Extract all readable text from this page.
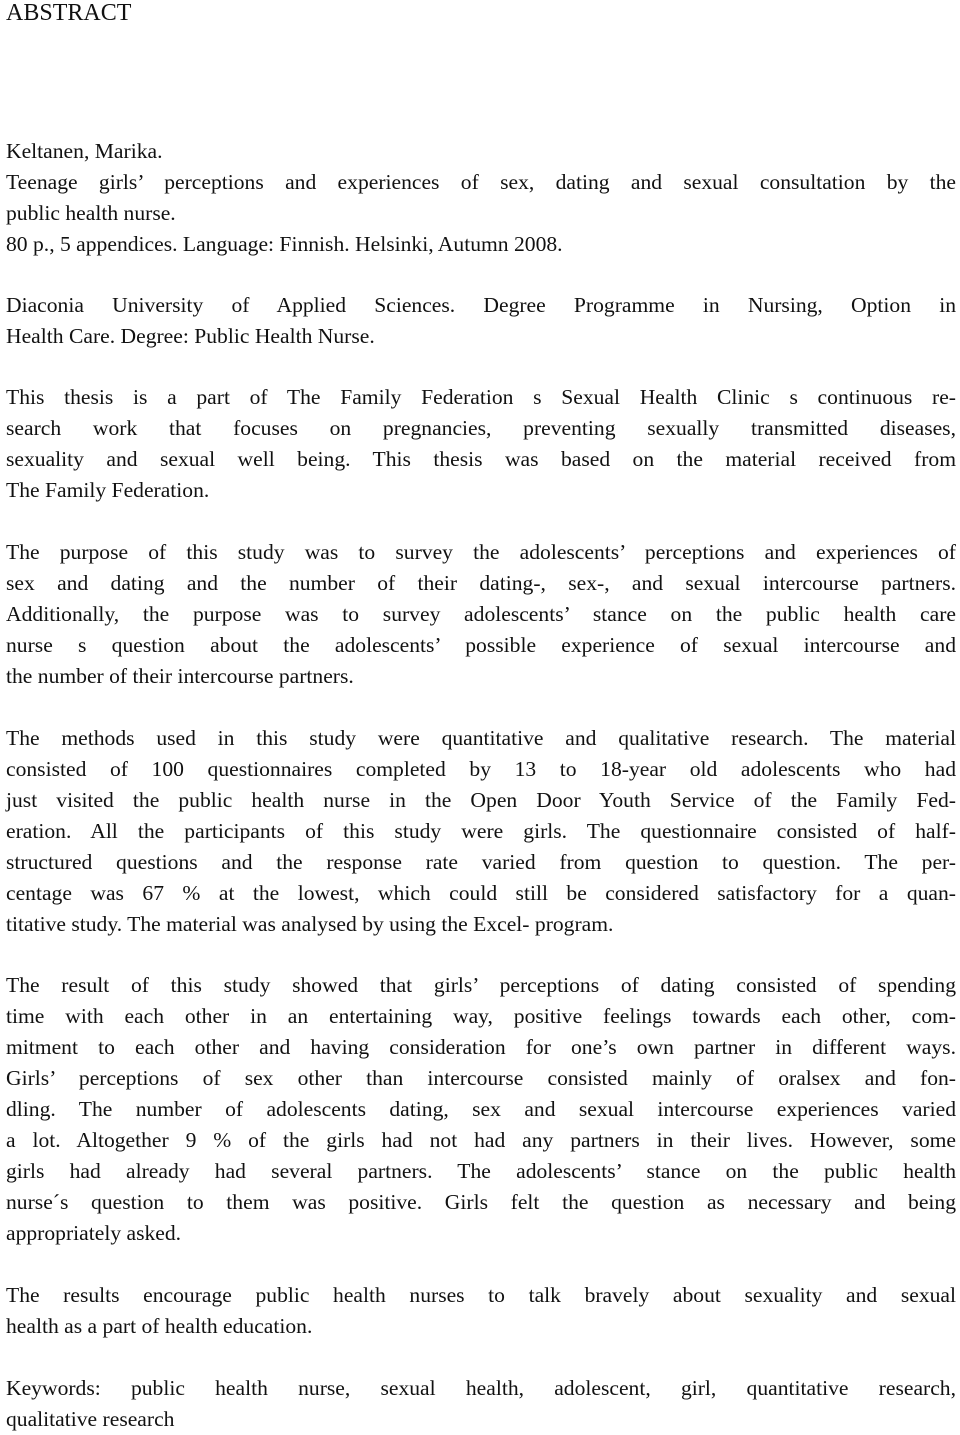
ABSTRACT

Keltanen, Marika.
Teenage girls’ perceptions and experiences of sex, dating and sexual consultation by the
public health nurse.
80 p., 5 appendices. Language: Finnish. Helsinki, Autumn 2008.

Diaconia University of Applied Sciences. Degree Programme in Nursing, Option in
Health Care. Degree: Public Health Nurse.

This thesis is a part of The Family Federation s Sexual Health Clinic s continuous re-
search work that focuses on pregnancies, preventing sexually transmitted diseases,
sexuality and sexual well being. This thesis was based on the material received from
The Family Federation.

The purpose of this study was to survey the adolescents’ perceptions and experiences of
sex and dating and the number of their dating-, sex-, and sexual intercourse partners.
Additionally, the purpose was to survey adolescents’ stance on the public health care
nurse s question about the adolescents’ possible experience of sexual intercourse and
the number of their intercourse partners.

The methods used in this study were quantitative and qualitative research. The material
consisted of 100 questionnaires completed by 13 to 18-year old adolescents who had
just visited the public health nurse in the Open Door Youth Service of the Family Fed-
eration. All the participants of this study were girls. The questionnaire consisted of half-
structured questions and the response rate varied from question to question. The per-
centage was 67 % at the lowest, which could still be considered satisfactory for a quan-
titative study. The material was analysed by using the Excel- program.

The result of this study showed that girls’ perceptions of dating consisted of spending
time with each other in an entertaining way, positive feelings towards each other, com-
mitment to each other and having consideration for one’s own partner in different ways.
Girls’ perceptions of sex other than intercourse consisted mainly of oralsex and fon-
dling. The number of adolescents dating, sex and sexual intercourse experiences varied
a lot. Altogether 9 % of the girls had not had any partners in their lives. However, some
girls had already had several partners. The adolescents’ stance on the public health
nurse´s question to them was positive. Girls felt the question as necessary and being
appropriately asked.

The results encourage public health nurses to talk bravely about sexuality and sexual
health as a part of health education.

Keywords: public health nurse, sexual health, adolescent, girl, quantitative research,
qualitative research
